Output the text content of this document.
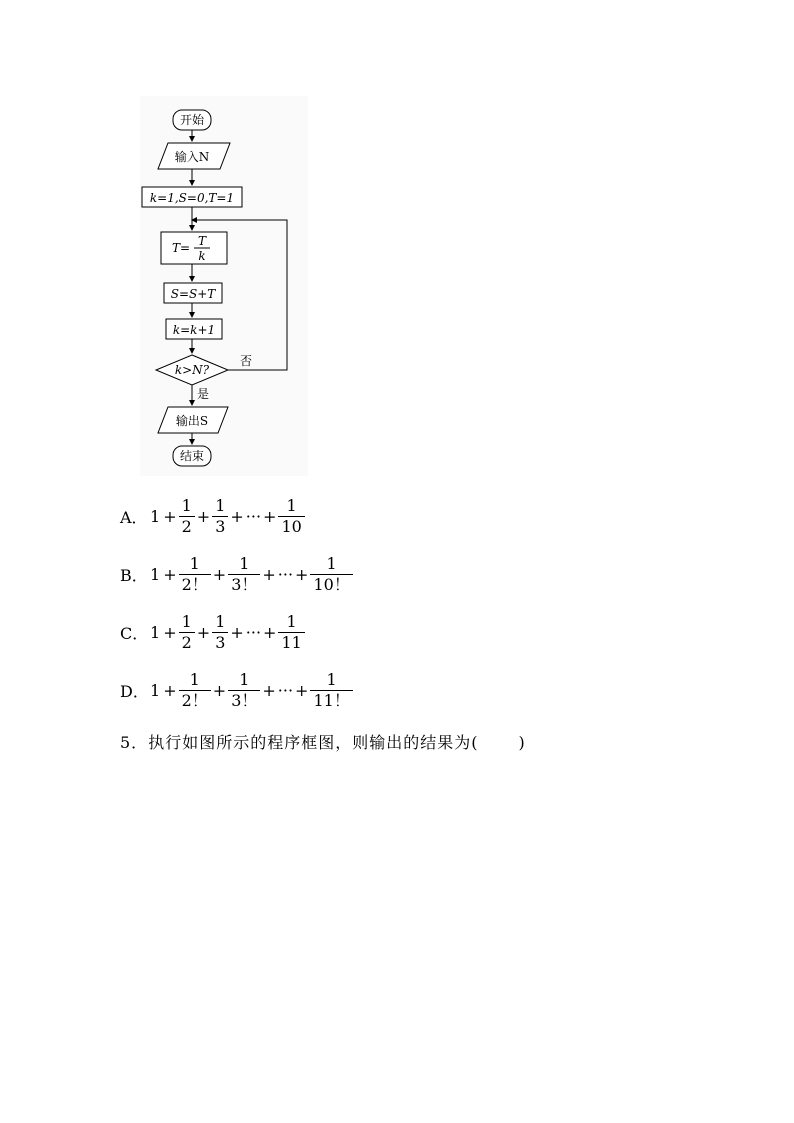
开始
输入N
k=1,S=0,T=1
T= T
k
S=S+T
k=k+1
k>N?
否
是
输出S
结束
A． $1 + \frac{1}{2} + \frac{1}{3}$ + ··· + $\frac{1}{10}$
B． $1 + \frac{1}{2!} + \frac{1}{3!}$ + ··· + $\frac{1}{10!}$
C． $1 + \frac{1}{2} + \frac{1}{3}$ + ··· + $\frac{1}{11}$
D． $1 + \frac{1}{2!} + \frac{1}{3!}$ + ··· + $\frac{1}{11!}$
5．执行如图所示的程序框图，则输出的结果为(	)
